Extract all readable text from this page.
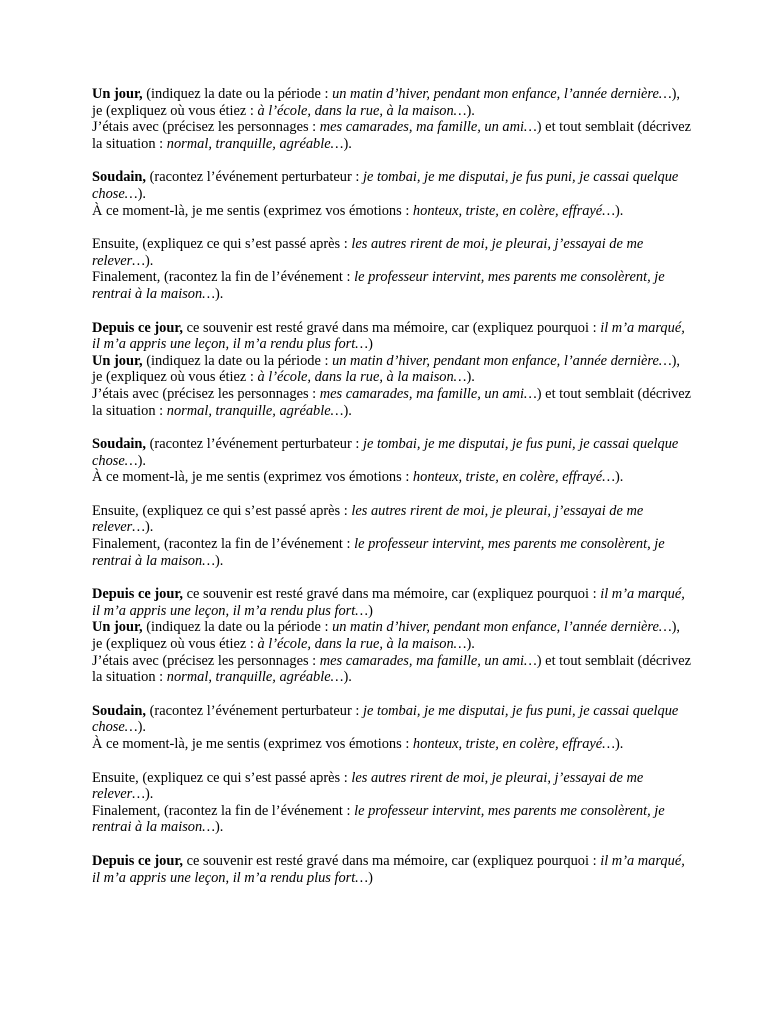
Un jour, (indiquez la date ou la période : un matin d’hiver, pendant mon enfance, l’année dernière…), je (expliquez où vous étiez : à l’école, dans la rue, à la maison…).
J’étais avec (précisez les personnages : mes camarades, ma famille, un ami…) et tout semblait (décrivez la situation : normal, tranquille, agréable…).

Soudain, (racontez l’événement perturbateur : je tombai, je me disputai, je fus puni, je cassai quelque chose…).
À ce moment-là, je me sentis (exprimez vos émotions : honteux, triste, en colère, effrayé…).

Ensuite, (expliquez ce qui s’est passé après : les autres rirent de moi, je pleurai, j’essayai de me relever…).
Finalement, (racontez la fin de l’événement : le professeur intervint, mes parents me consolèrent, je rentrai à la maison…).

Depuis ce jour, ce souvenir est resté gravé dans ma mémoire, car (expliquez pourquoi : il m’a marqué, il m’a appris une leçon, il m’a rendu plus fort…)

Un jour, (indiquez la date ou la période : un matin d’hiver, pendant mon enfance, l’année dernière…), je (expliquez où vous étiez : à l’école, dans la rue, à la maison…).
J’étais avec (précisez les personnages : mes camarades, ma famille, un ami…) et tout semblait (décrivez la situation : normal, tranquille, agréable…).

Soudain, (racontez l’événement perturbateur : je tombai, je me disputai, je fus puni, je cassai quelque chose…).
À ce moment-là, je me sentis (exprimez vos émotions : honteux, triste, en colère, effrayé…).

Ensuite, (expliquez ce qui s’est passé après : les autres rirent de moi, je pleurai, j’essayai de me relever…).
Finalement, (racontez la fin de l’événement : le professeur intervint, mes parents me consolèrent, je rentrai à la maison…).

Depuis ce jour, ce souvenir est resté gravé dans ma mémoire, car (expliquez pourquoi : il m’a marqué, il m’a appris une leçon, il m’a rendu plus fort…)

Un jour, (indiquez la date ou la période : un matin d’hiver, pendant mon enfance, l’année dernière…), je (expliquez où vous étiez : à l’école, dans la rue, à la maison…).
J’étais avec (précisez les personnages : mes camarades, ma famille, un ami…) et tout semblait (décrivez la situation : normal, tranquille, agréable…).

Soudain, (racontez l’événement perturbateur : je tombai, je me disputai, je fus puni, je cassai quelque chose…).
À ce moment-là, je me sentis (exprimez vos émotions : honteux, triste, en colère, effrayé…).

Ensuite, (expliquez ce qui s’est passé après : les autres rirent de moi, je pleurai, j’essayai de me relever…).
Finalement, (racontez la fin de l’événement : le professeur intervint, mes parents me consolèrent, je rentrai à la maison…).

Depuis ce jour, ce souvenir est resté gravé dans ma mémoire, car (expliquez pourquoi : il m’a marqué, il m’a appris une leçon, il m’a rendu plus fort…)
